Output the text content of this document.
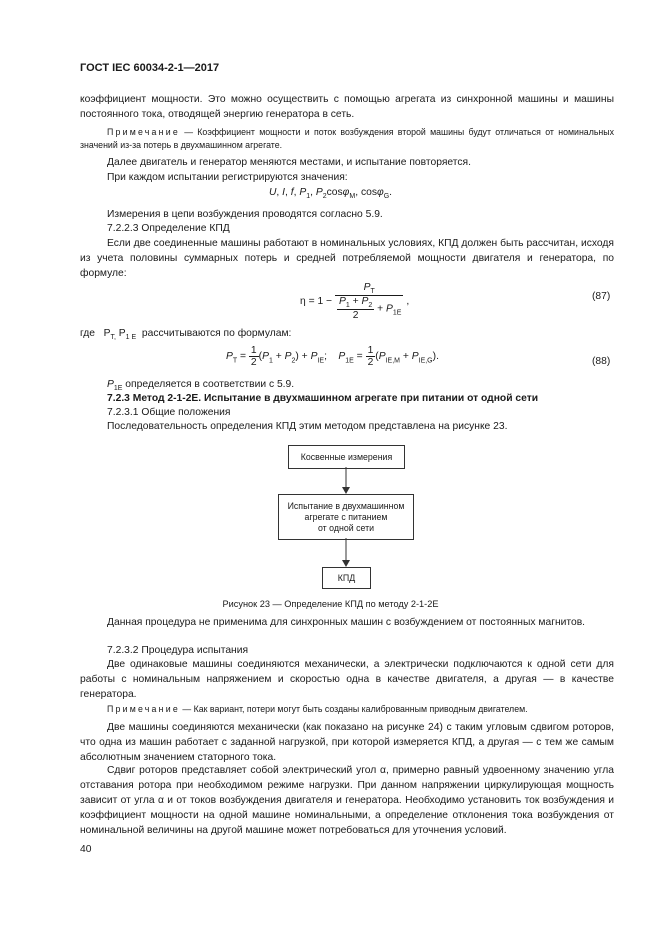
ГОСТ IEC 60034-2-1—2017

коэффициент мощности. Это можно осуществить с помощью агрегата из синхронной машины и машины постоянного тока, отводящей энергию генератора в сеть.

Примечание — Коэффициент мощности и поток возбуждения второй машины будут отличаться от номинальных значений из-за потерь в двухмашинном агрегате.

Далее двигатель и генератор меняются местами, и испытание повторяется.
При каждом испытании регистрируются значения:
U, I, f, $P_1$, $P_2\cos\varphi_M$, cosφ$_G$.
Измерения в цепи возбуждения проводятся согласно 5.9.
7.2.2.3 Определение КПД

Если две соединенные машины работают в номинальных условиях, КПД должен быть рассчитан, исходя из учета половины суммарных потерь и средней потребляемой мощности двигателя и генератора, по формуле:

$\eta = 1 - \frac{P_T}{\frac{P_1 + P_2}{2} + P_{1E}}$ ,	(87)
где   $P_{T,}$ $P_{1 E}$  рассчитываются по формулам:
$P_T = \frac{1}{2} (P_1 + P_2) + P_{IE}$;    $P_{1E} = \frac{1}{2} (P_{IE,M} + P_{IE,G})$.	(88)
$P_{1E}$ определяется в соответствии с 5.9.
7.2.3 Метод 2-1-2Е. Испытание в двухмашинном агрегате при питании от одной сети
7.2.3.1 Общие положения
Последовательность определения КПД этим методом представлена на рисунке 23.
Косвенные измерения
Испытание в двухмашинном
агрегате с питанием
от одной сети
КПД
Рисунок 23 — Определение КПД по методу 2-1-2Е

Данная процедура не применима для синхронных машин с возбуждением от постоянных магнитов.

7.2.3.2 Процедура испытания

Две одинаковые машины соединяются механически, а электрически подключаются к одной сети для работы с номинальным напряжением и скоростью одна в качестве двигателя, а другая — в качестве генератора.

Примечание — Как вариант, потери могут быть созданы калиброванным приводным двигателем.

Две машины соединяются механически (как показано на рисунке 24) с таким угловым сдвигом роторов, что одна из машин работает с заданной нагрузкой, при которой измеряется КПД, а другая — с тем же самым абсолютным значением статорного тока.

Сдвиг роторов представляет собой электрический угол α, примерно равный удвоенному значению угла отставания ротора при необходимом режиме нагрузки. При данном напряжении циркулирующая мощность зависит от угла α и от токов возбуждения двигателя и генератора. Необходимо установить ток возбуждения и коэффициент мощности на одной машине номинальными, а определение отклонения тока возбуждения от номинальной величины на другой машине может потребоваться для уточнения условий.

40
